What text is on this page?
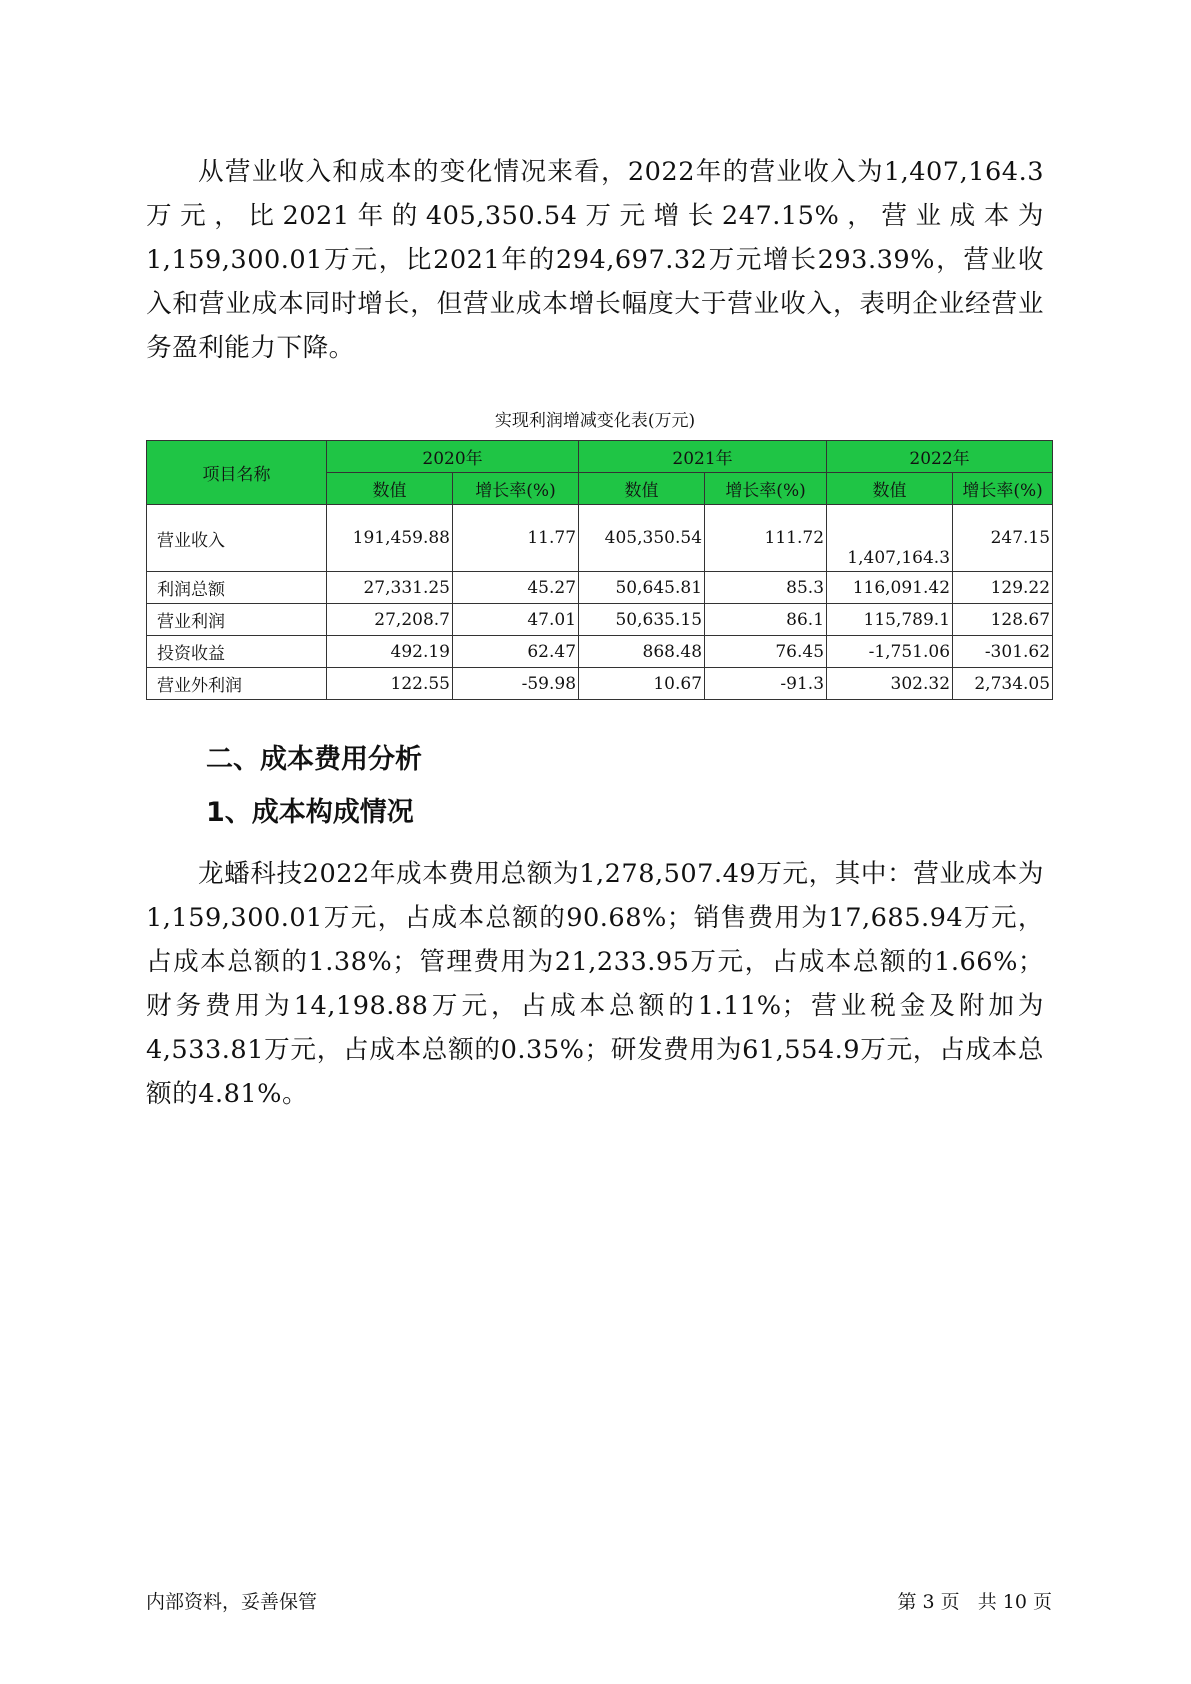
从营业收入和成本的变化情况来看，2022年的营业收入为1,407,164.3万元，比2021年的405,350.54万元增长247.15%，营业成本为1,159,300.01万元，比2021年的294,697.32万元增长293.39%，营业收入和营业成本同时增长，但营业成本增长幅度大于营业收入，表明企业经营业务盈利能力下降。

实现利润增减变化表(万元)
项目名称	2020年		2021年		2022年	
	数值	增长率(%)	数值	增长率(%)	数值	增长率(%)
营业收入	191,459.88	11.77	405,350.54	111.72	1,407,164.3	247.15
利润总额	27,331.25	45.27	50,645.81	85.3	116,091.42	129.22
营业利润	27,208.7	47.01	50,635.15	86.1	115,789.1	128.67
投资收益	492.19	62.47	868.48	76.45	-1,751.06	-301.62
营业外利润	122.55	-59.98	10.67	-91.3	302.32	2,734.05
二、成本费用分析
1、成本构成情况

龙蟠科技2022年成本费用总额为1,278,507.49万元，其中：营业成本为1,159,300.01万元，占成本总额的90.68%；销售费用为17,685.94万元，占成本总额的1.38%；管理费用为21,233.95万元，占成本总额的1.66%；财务费用为14,198.88万元，占成本总额的1.11%；营业税金及附加为4,533.81万元，占成本总额的0.35%；研发费用为61,554.9万元，占成本总额的4.81%。

内部资料，妥善保管	第 3 页   共 10 页
